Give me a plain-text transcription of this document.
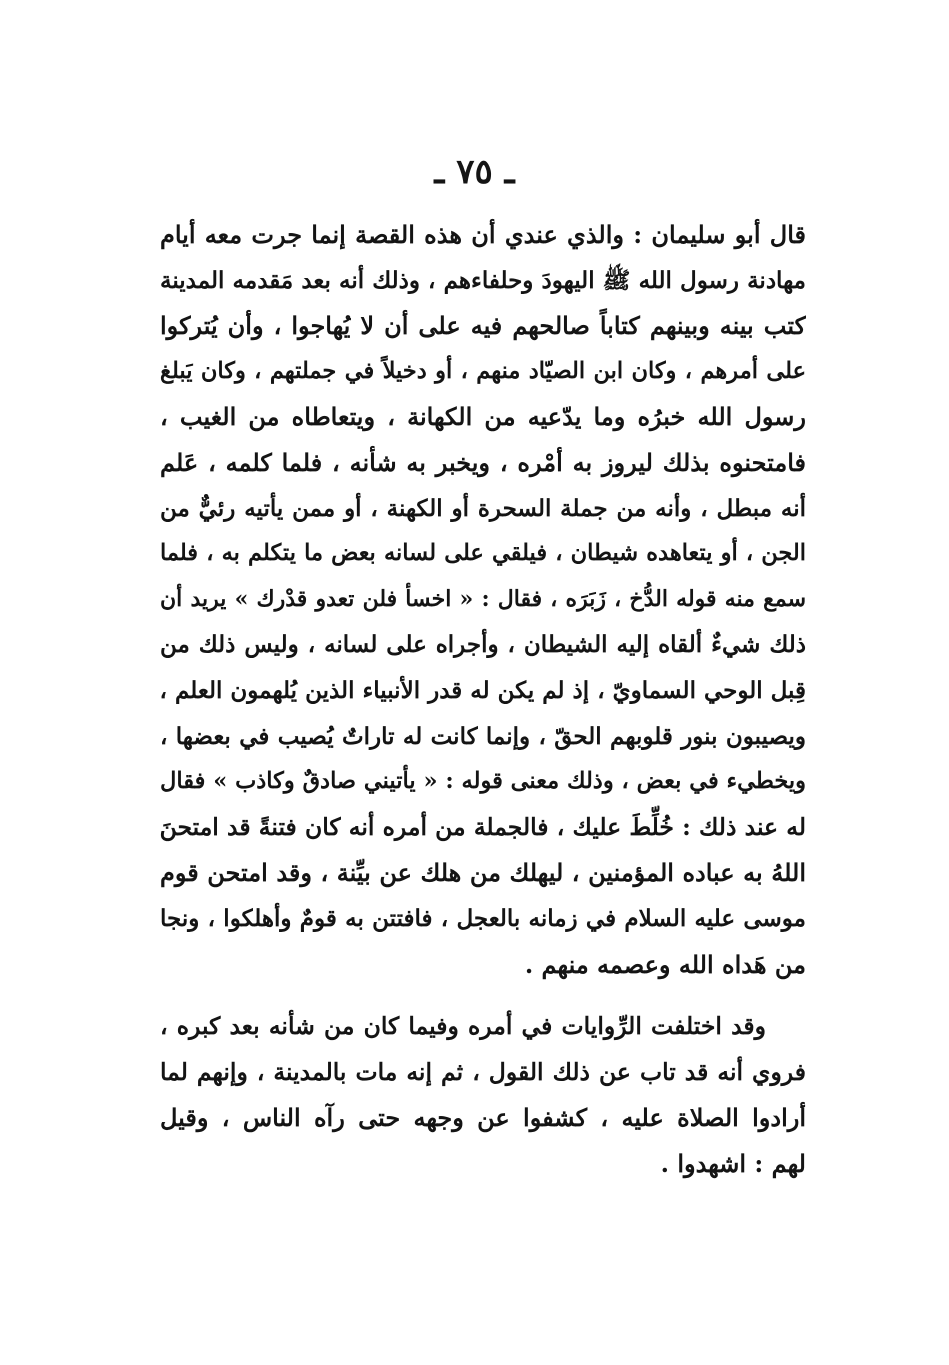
ـ ٧٥ ـ
قال أبو سليمان : والذي عندي أن هذه القصة إنما جرت معه أيام
مهادنة رسول الله ﷺ اليهودَ وحلفاءهم ، وذلك أنه بعد مَقدمه المدينة
كتب بينه وبينهم كتاباً صالحهم فيه على أن لا يُهاجوا ، وأن يُتركوا
على أمرهم ، وكان ابن الصيّاد منهم ، أو دخيلاً في جملتهم ، وكان يَبلغ
رسول الله خبرُه وما يدّعيه من الكهانة ، ويتعاطاه من الغيب ،
فامتحنوه بذلك ليروز به أمْره ، ويخبر به شأنه ، فلما كلمه ، عَلم
أنه مبطل ، وأنه من جملة السحرة أو الكهنة ، أو ممن يأتيه رئيٌّ من
الجن ، أو يتعاهده شيطان ، فيلقي على لسانه بعض ما يتكلم به ، فلما
سمع منه قوله الدُّخ ، زَبَرَه ، فقال : « اخسأ فلن تعدو قدْرك » يريد أن
ذلك شيءٌ ألقاه إليه الشيطان ، وأجراه على لسانه ، وليس ذلك من
قِبل الوحي السماويّ ، إذ لم يكن له قدر الأنبياء الذين يُلهمون العلم ،
ويصيبون بنور قلوبهم الحقّ ، وإنما كانت له تاراتٌ يُصيب في بعضها ،
ويخطيء في بعض ، وذلك معنى قوله : « يأتيني صادقٌ وكاذب » فقال
له عند ذلك : خُلِّطَ عليك ، فالجملة من أمره أنه كان فتنةً قد امتحنَ
اللهُ به عباده المؤمنين ، ليهلك من هلك عن بيِّنة ، وقد امتحن قوم
موسى عليه السلام في زمانه بالعجل ، فافتتن به قومٌ وأهلكوا ، ونجا
من هَداه الله وعصمه منهم .
وقد اختلفت الرِّوايات في أمره وفيما كان من شأنه بعد كبره ،
فروي أنه قد تاب عن ذلك القول ، ثم إنه مات بالمدينة ، وإنهم لما
أرادوا الصلاة عليه ، كشفوا عن وجهه حتى رآه الناس ، وقيل
لهم : اشهدوا .
